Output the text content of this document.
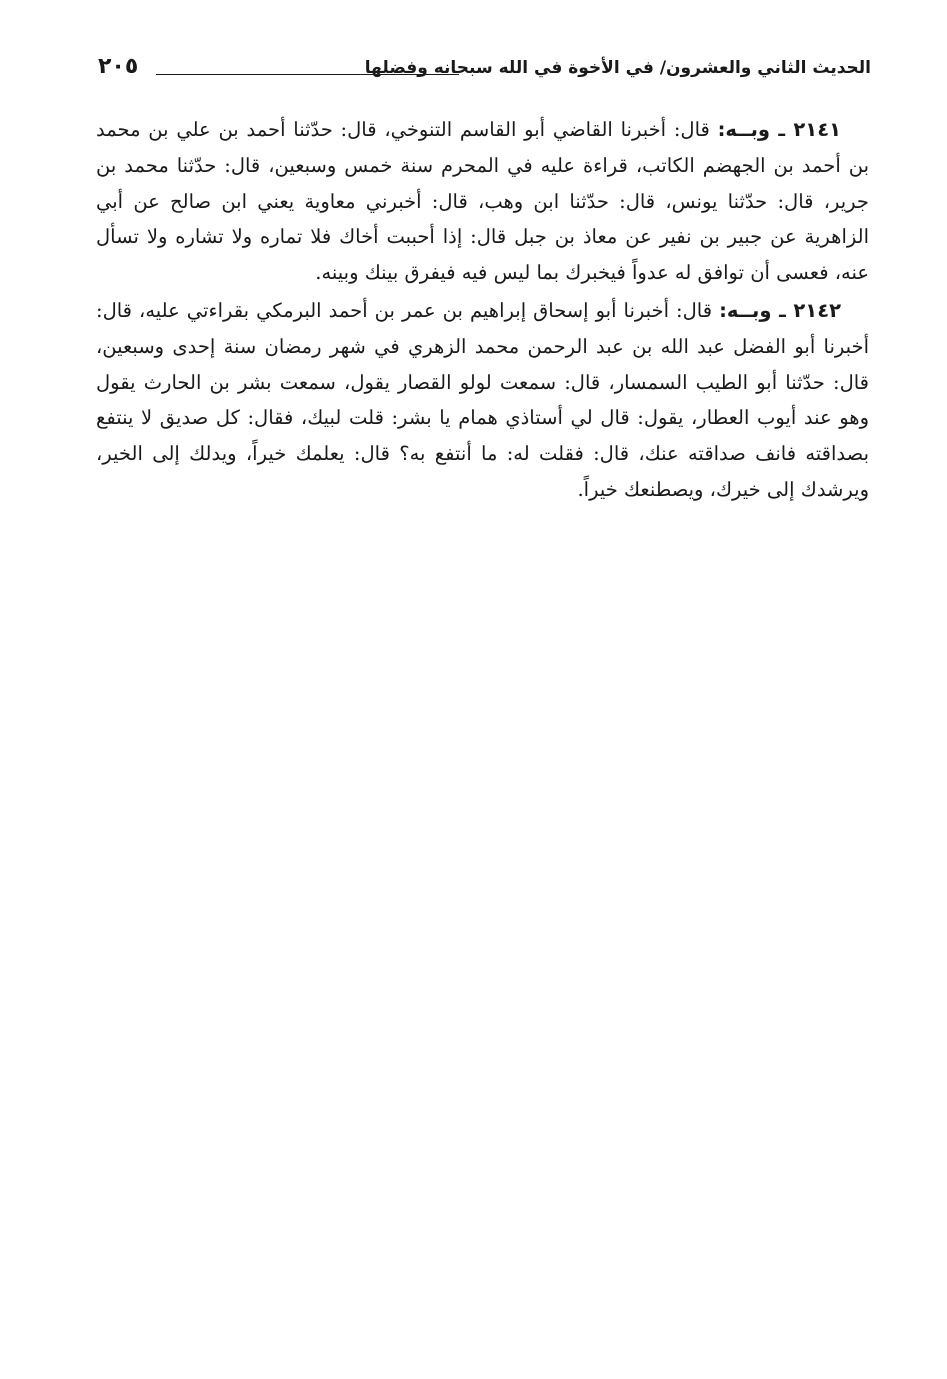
الحديث الثاني والعشرون/ في الأخوة في الله سبحانه وفضلها
٢٠٥

٢١٤١ ـ وبــه: قال: أخبرنا القاضي أبو القاسم التنوخي، قال: حدّثنا أحمد بن علي بن محمد بن أحمد بن الجهضم الكاتب، قراءة عليه في المحرم سنة خمس وسبعين، قال: حدّثنا محمد بن جرير، قال: حدّثنا يونس، قال: حدّثنا ابن وهب، قال: أخبرني معاوية يعني ابن صالح عن أبي الزاهرية عن جبير بن نفير عن معاذ بن جبل قال: إذا أحببت أخاك فلا تماره ولا تشاره ولا تسأل عنه، فعسى أن توافق له عدواً فيخبرك بما ليس فيه فيفرق بينك وبينه.

٢١٤٢ ـ وبــه: قال: أخبرنا أبو إسحاق إبراهيم بن عمر بن أحمد البرمكي بقراءتي عليه، قال: أخبرنا أبو الفضل عبد الله بن عبد الرحمن محمد الزهري في شهر رمضان سنة إحدى وسبعين، قال: حدّثنا أبو الطيب السمسار، قال: سمعت لولو القصار يقول، سمعت بشر بن الحارث يقول وهو عند أيوب العطار، يقول: قال لي أستاذي همام يا بشر: قلت لبيك، فقال: كل صديق لا ينتفع بصداقته فانف صداقته عنك، قال: فقلت له: ما أنتفع به؟ قال: يعلمك خيراً، ويدلك إلى الخير، ويرشدك إلى خيرك، ويصطنعك خيراً.
